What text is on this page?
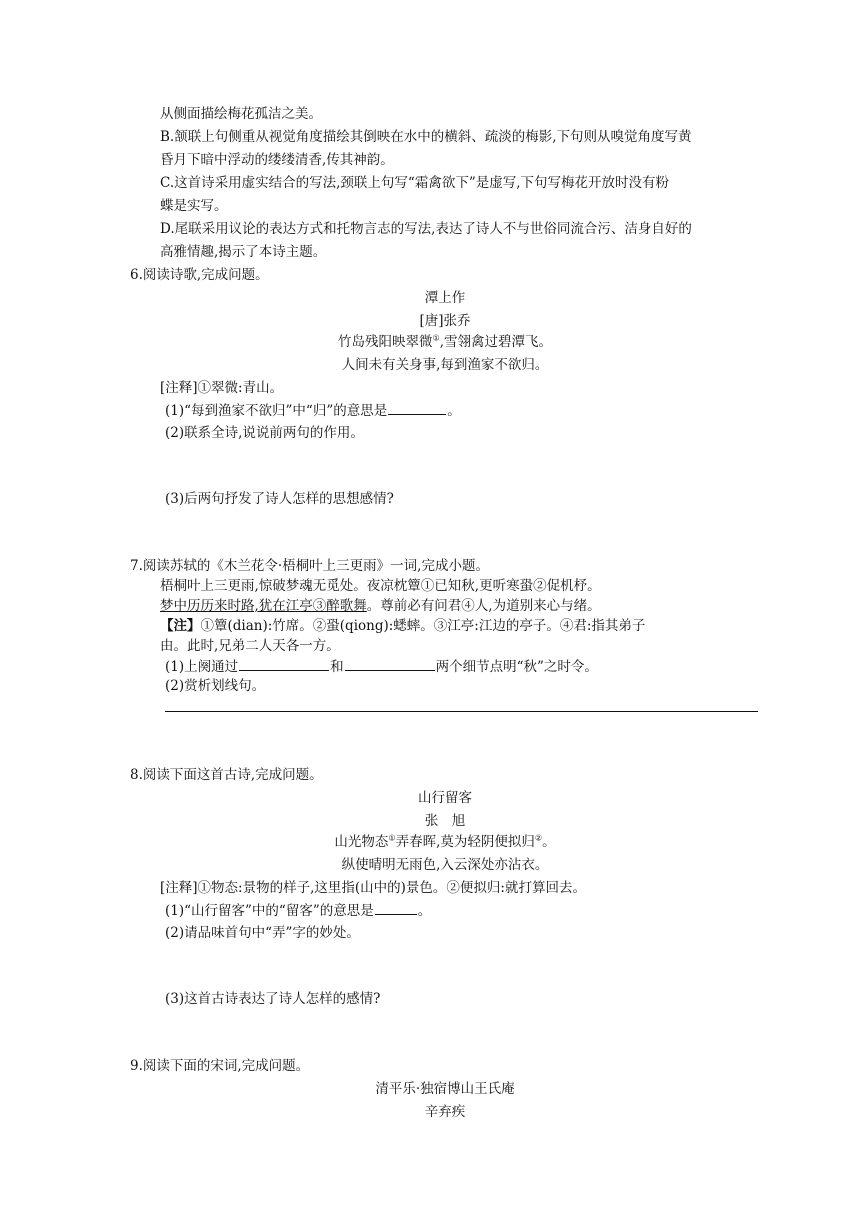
从侧面描绘梅花孤洁之美。
B.颔联上句侧重从视觉角度描绘其倒映在水中的横斜、疏淡的梅影,下句则从嗅觉角度写黄
昏月下暗中浮动的缕缕清香,传其神韵。
C.这首诗采用虚实结合的写法,颈联上句写“霜禽欲下”是虚写,下句写梅花开放时没有粉
蝶是实写。
D.尾联采用议论的表达方式和托物言志的写法,表达了诗人不与世俗同流合污、洁身自好的
高雅情趣,揭示了本诗主题。
6.阅读诗歌,完成问题。
潭上作
[唐]张乔
竹岛残阳映翠微①,雪翎禽过碧潭飞。
人间未有关身事,每到渔家不欲归。
[注释]①翠微:青山。
(1)“每到渔家不欲归”中“归”的意思是	。
(2)联系全诗,说说前两句的作用。
(3)后两句抒发了诗人怎样的思想感情?
7.阅读苏轼的《木兰花令·梧桐叶上三更雨》一词,完成小题。
梧桐叶上三更雨,惊破梦魂无觅处。夜凉枕簟①已知秋,更听寒蛩②促机杼。
梦中历历来时路,犹在江亭③醉歌舞。尊前必有问君④人,为道别来心与绪。
【注】①簟(dian):竹席。②蛩(qiong):蟋蟀。③江亭:江边的亭子。④君:指其弟子
由。此时,兄弟二人天各一方。
(1)上阕通过	和	两个细节点明“秋”之时令。
(2)赏析划线句。
8.阅读下面这首古诗,完成问题。
山行留客
张　旭
山光物态①弄春晖,莫为轻阴便拟归②。
纵使晴明无雨色,入云深处亦沾衣。
[注释]①物态:景物的样子,这里指(山中的)景色。②便拟归:就打算回去。
(1)“山行留客”中的“留客”的意思是	。
(2)请品味首句中“弄”字的妙处。
(3)这首古诗表达了诗人怎样的感情?
9.阅读下面的宋词,完成问题。
清平乐·独宿博山王氏庵
辛弃疾
